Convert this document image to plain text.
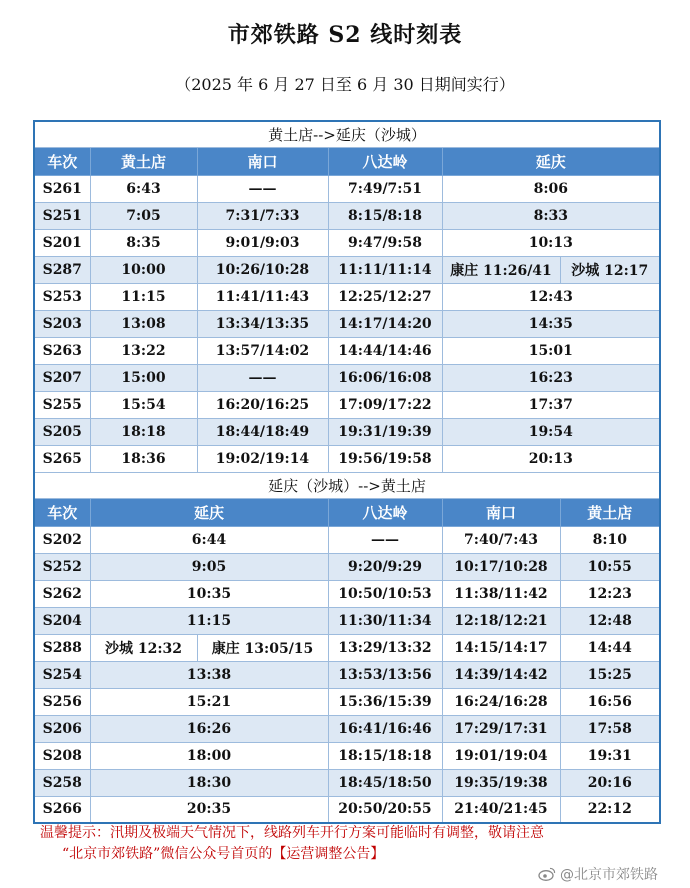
市郊铁路 S2 线时刻表
（2025 年 6 月 27 日至 6 月 30 日期间实行）
黄土店-->延庆（沙城）					
车次	黄土店	南口	八达岭	延庆	
S261	6:43	——	7:49/7:51	8:06	
S251	7:05	7:31/7:33	8:15/8:18	8:33	
S201	8:35	9:01/9:03	9:47/9:58	10:13	
S287	10:00	10:26/10:28	11:11/11:14	康庄 11:26/41	沙城 12:17
S253	11:15	11:41/11:43	12:25/12:27	12:43	
S203	13:08	13:34/13:35	14:17/14:20	14:35	
S263	13:22	13:57/14:02	14:44/14:46	15:01	
S207	15:00	——	16:06/16:08	16:23	
S255	15:54	16:20/16:25	17:09/17:22	17:37	
S205	18:18	18:44/18:49	19:31/19:39	19:54	
S265	18:36	19:02/19:14	19:56/19:58	20:13	
延庆（沙城）-->黄土店					
车次	延庆		八达岭	南口	黄土店
S202	6:44		——	7:40/7:43	8:10
S252	9:05		9:20/9:29	10:17/10:28	10:55
S262	10:35		10:50/10:53	11:38/11:42	12:23
S204	11:15		11:30/11:34	12:18/12:21	12:48
S288	沙城 12:32	康庄 13:05/15	13:29/13:32	14:15/14:17	14:44
S254	13:38		13:53/13:56	14:39/14:42	15:25
S256	15:21		15:36/15:39	16:24/16:28	16:56
S206	16:26		16:41/16:46	17:29/17:31	17:58
S208	18:00		18:15/18:18	19:01/19:04	19:31
S258	18:30		18:45/18:50	19:35/19:38	20:16
S266	20:35		20:50/20:55	21:40/21:45	22:12
温馨提示：汛期及极端天气情况下，线路列车开行方案可能临时有调整，敬请注意
“北京市郊铁路”微信公众号首页的【运营调整公告】
@北京市郊铁路
